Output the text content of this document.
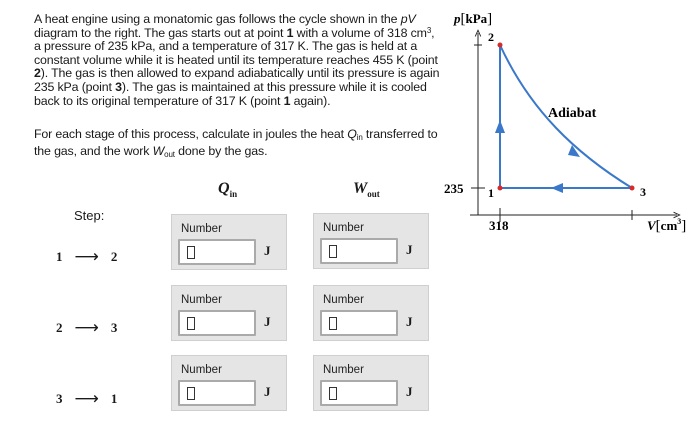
A heat engine using a monatomic gas follows the cycle shown in the pV diagram to the right. The gas starts out at point 1 with a volume of 318 $cm^3$, a pressure of 235 kPa, and a temperature of 317 K. The gas is held at a constant volume while it is heated until its temperature reaches 455 K (point 2). The gas is then allowed to expand adiabatically until its pressure is again 235 kPa (point 3). The gas is maintained at this pressure while it is cooled back to its original temperature of 317 K (point 1 again).

For each stage of this process, calculate in joules the heat $Q_{in}$ transferred to the gas, and the work $W_{out}$ done by the gas.

$Q_{in}$	$W_{out}$
Step:
1 ⟶ 2
2 ⟶ 3
3 ⟶ 1
Number
J
Number
J
Number
J
Number
J
Number
J
Number
J
p[kPa]
$V[cm^3]$
235
318
1
2
3
Adiabat
